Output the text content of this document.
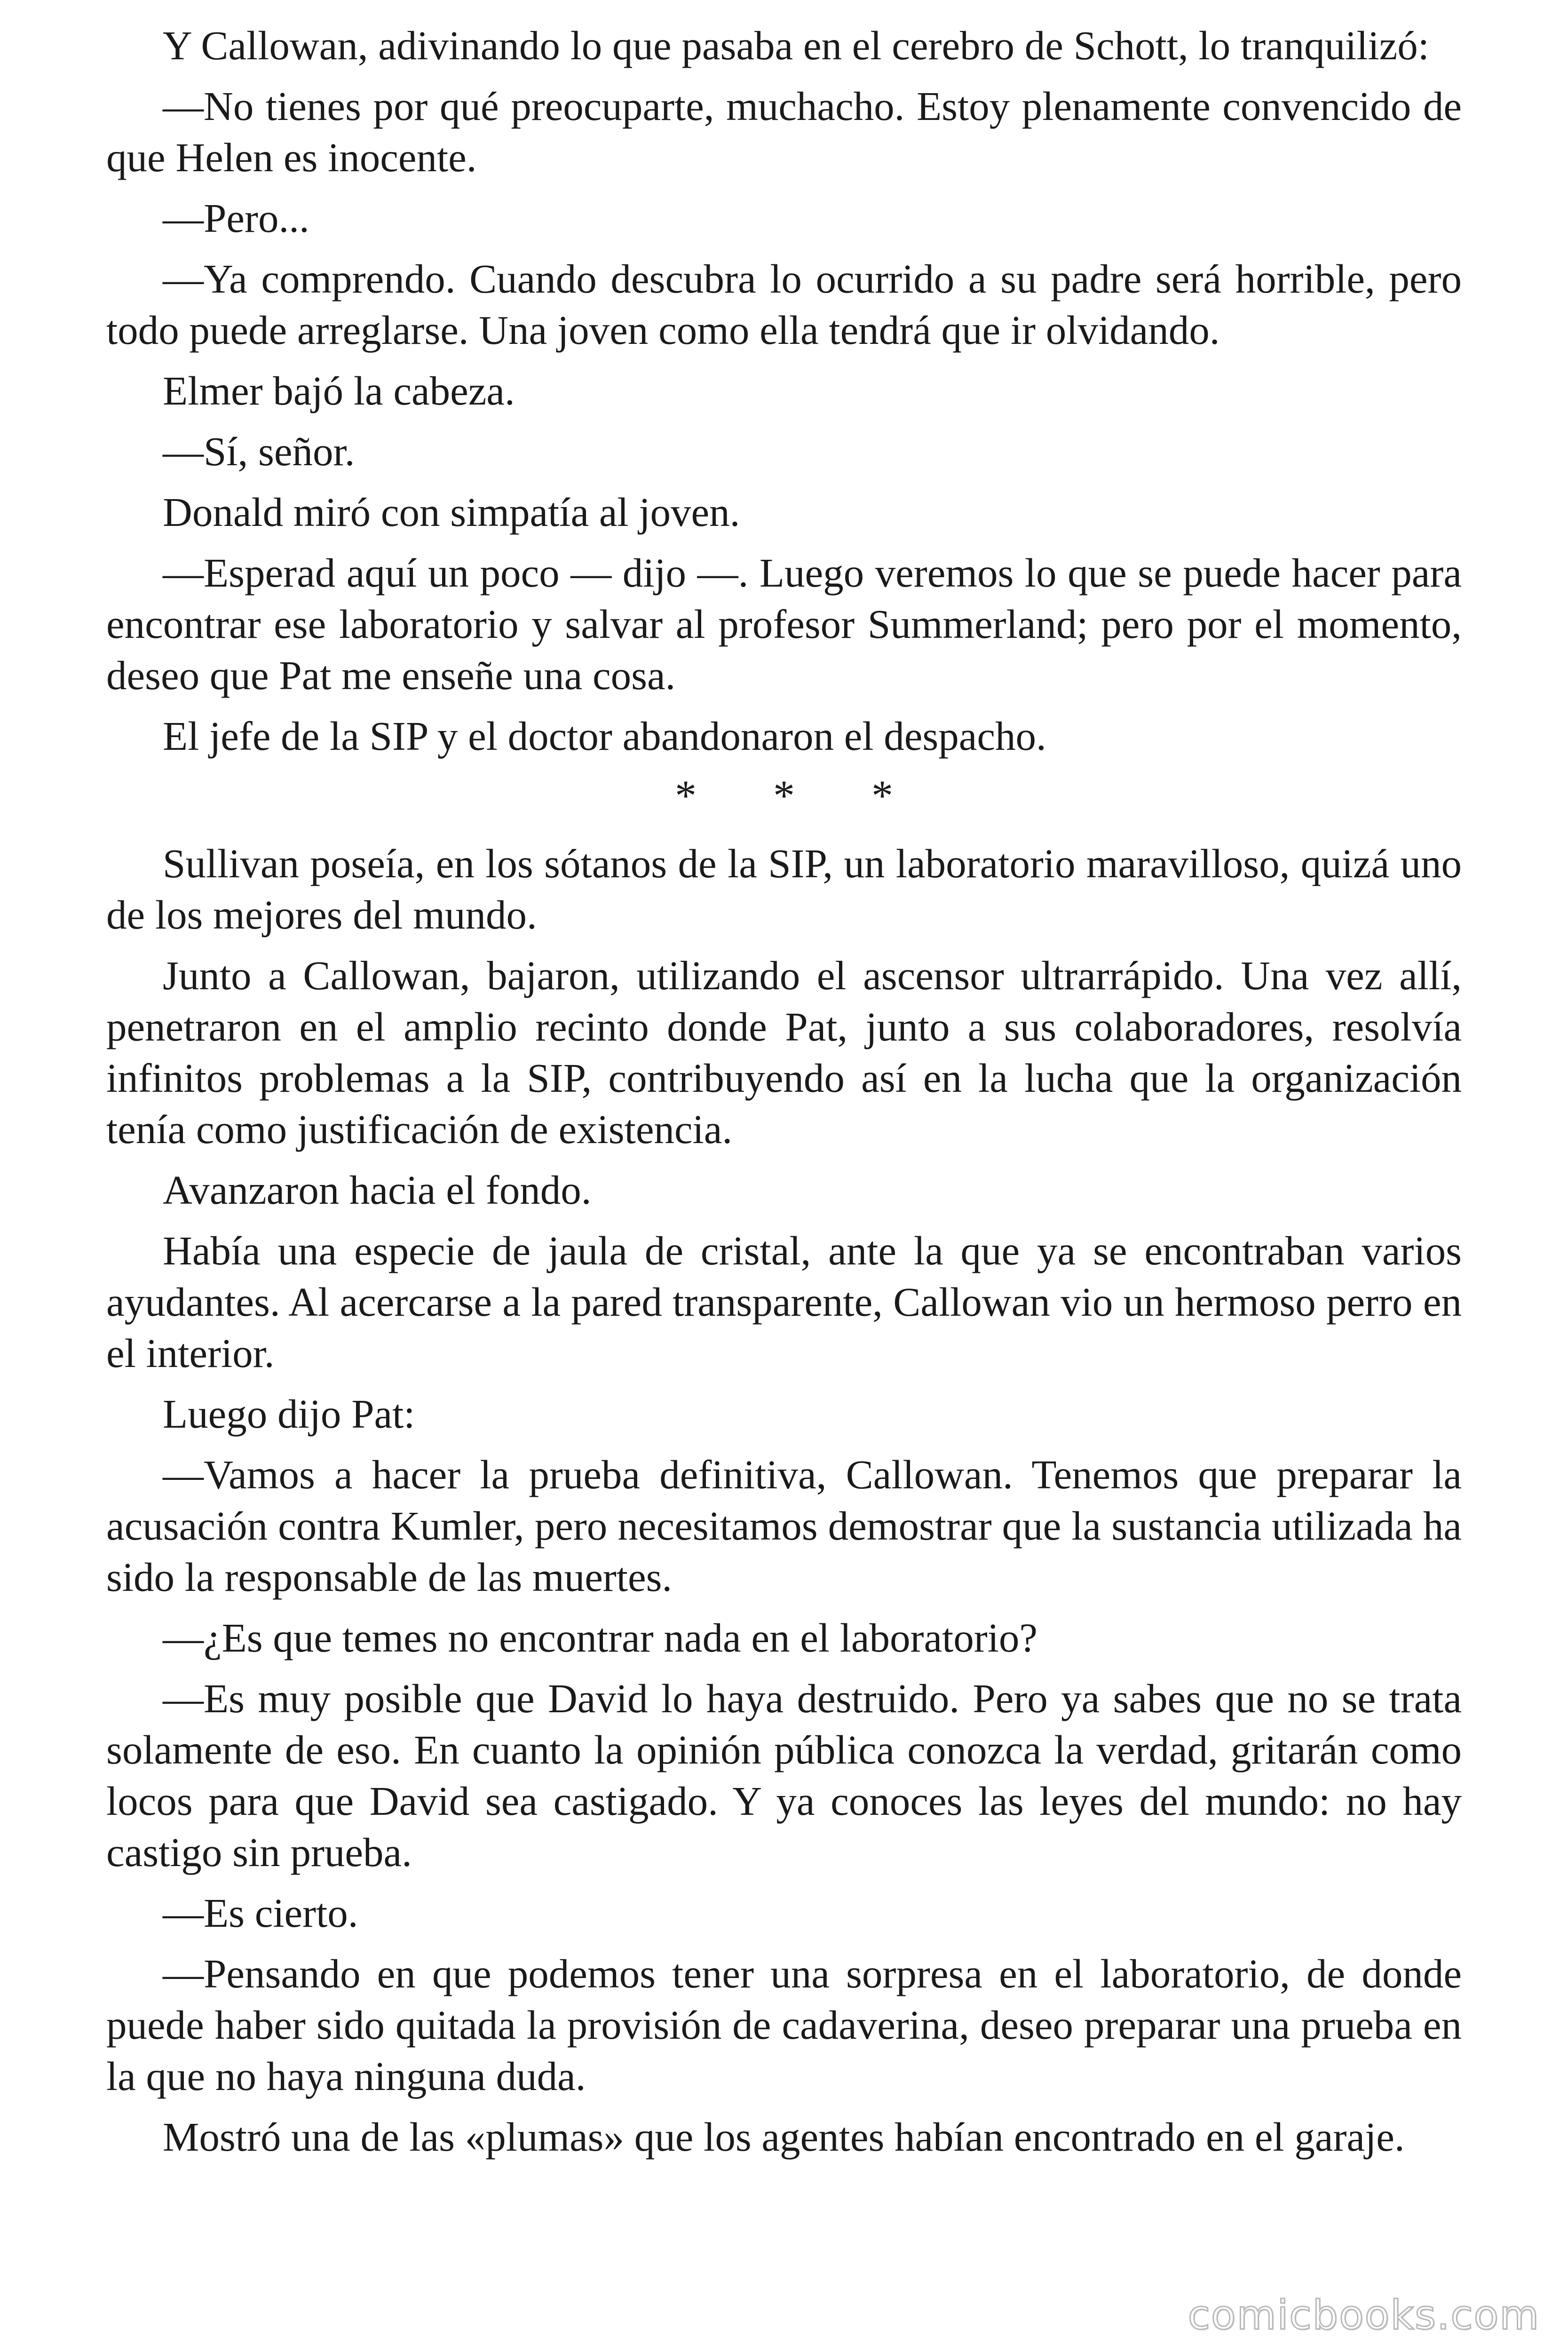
Y Callowan, adivinando lo que pasaba en el cerebro de Schott, lo tranquilizó:

—No tienes por qué preocuparte, muchacho. Estoy plenamente convencido de que Helen es inocente.

—Pero...

—Ya comprendo. Cuando descubra lo ocurrido a su padre será horrible, pero todo puede arreglarse. Una joven como ella tendrá que ir olvidando.

Elmer bajó la cabeza.

—Sí, señor.

Donald miró con simpatía al joven.

—Esperad aquí un poco — dijo —. Luego veremos lo que se puede hacer para encontrar ese laboratorio y salvar al profesor Summerland; pero por el momento, deseo que Pat me enseñe una cosa.

El jefe de la SIP y el doctor abandonaron el despacho.

* * *

Sullivan poseía, en los sótanos de la SIP, un laboratorio maravilloso, quizá uno de los mejores del mundo.

Junto a Callowan, bajaron, utilizando el ascensor ultrarrápido. Una vez allí, penetraron en el amplio recinto donde Pat, junto a sus colaboradores, resolvía infinitos problemas a la SIP, contribuyendo así en la lucha que la organización tenía como justificación de existencia.

Avanzaron hacia el fondo.

Había una especie de jaula de cristal, ante la que ya se encontraban varios ayudantes. Al acercarse a la pared transparente, Callowan vio un hermoso perro en el interior.

Luego dijo Pat:

—Vamos a hacer la prueba definitiva, Callowan. Tenemos que preparar la acusación contra Kumler, pero necesitamos demostrar que la sustancia utilizada ha sido la responsable de las muertes.

—¿Es que temes no encontrar nada en el laboratorio?

—Es muy posible que David lo haya destruido. Pero ya sabes que no se trata solamente de eso. En cuanto la opinión pública conozca la verdad, gritarán como locos para que David sea castigado. Y ya conoces las leyes del mundo: no hay castigo sin prueba.

—Es cierto.

—Pensando en que podemos tener una sorpresa en el laboratorio, de donde puede haber sido quitada la provisión de cadaverina, deseo preparar una prueba en la que no haya ninguna duda.

Mostró una de las «plumas» que los agentes habían encontrado en el garaje.

comicbooks.com
